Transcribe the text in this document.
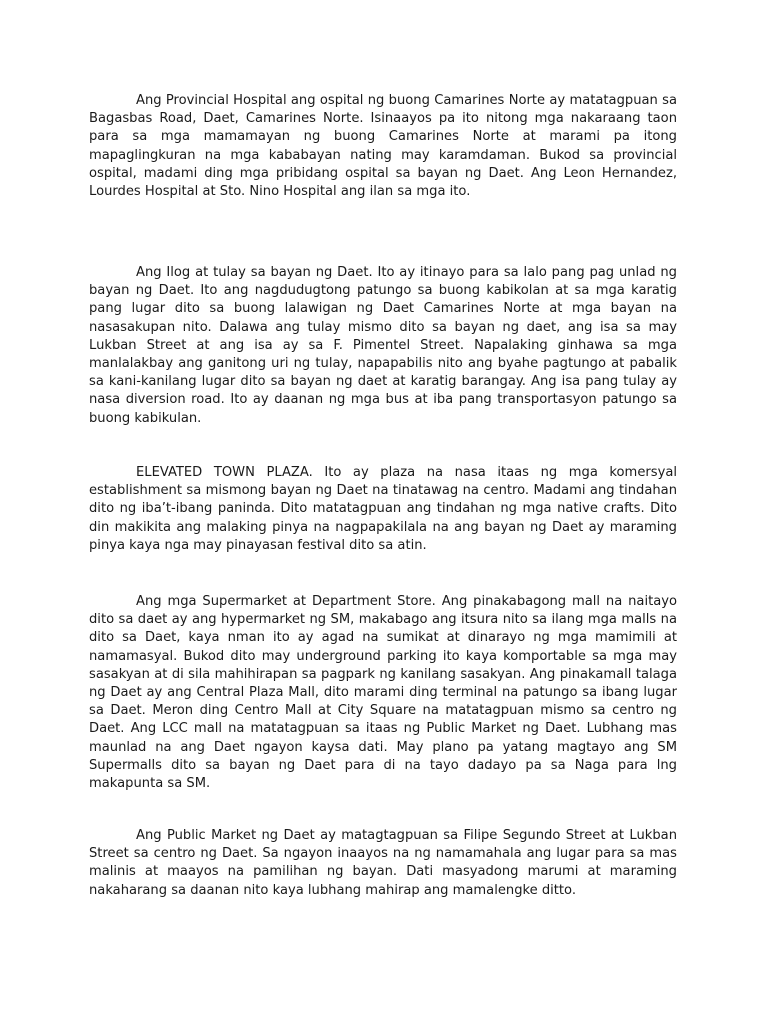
Ang Provincial Hospital ang ospital ng buong Camarines Norte ay matatagpuan sa Bagasbas Road, Daet, Camarines Norte. Isinaayos pa ito nitong mga nakaraang taon para sa mga mamamayan ng buong Camarines Norte at marami pa itong mapaglingkuran na mga kababayan nating may karamdaman. Bukod sa provincial ospital, madami ding mga pribidang ospital sa bayan ng Daet. Ang Leon Hernandez, Lourdes Hospital at Sto. Nino Hospital ang ilan sa mga ito.

Ang Ilog at tulay sa bayan ng Daet. Ito ay itinayo para sa lalo pang pag unlad ng bayan ng Daet. Ito ang nagdudugtong patungo sa buong kabikolan at sa mga karatig pang lugar dito sa buong lalawigan ng Daet Camarines Norte at mga bayan na nasasakupan nito. Dalawa ang tulay mismo dito sa bayan ng daet, ang isa sa may Lukban Street at ang isa ay sa F. Pimentel Street. Napalaking ginhawa sa mga manlalakbay ang ganitong uri ng tulay, napapabilis nito ang byahe pagtungo at pabalik sa kani-kanilang lugar dito sa bayan ng daet at karatig barangay. Ang isa pang tulay ay nasa diversion road. Ito ay daanan ng mga bus at iba pang transportasyon patungo sa buong kabikulan.

ELEVATED TOWN PLAZA. Ito ay plaza na nasa itaas ng mga komersyal establishment sa mismong bayan ng Daet na tinatawag na centro. Madami ang tindahan dito ng iba’t-ibang paninda. Dito matatagpuan ang tindahan ng mga native crafts. Dito din makikita ang malaking pinya na nagpapakilala na ang bayan ng Daet ay maraming pinya kaya nga may pinayasan festival dito sa atin.

Ang mga Supermarket at Department Store. Ang pinakabagong mall na naitayo dito sa daet ay ang hypermarket ng SM, makabago ang itsura nito sa ilang mga malls na dito sa Daet, kaya nman ito ay agad na sumikat at dinarayo ng mga mamimili at namamasyal. Bukod dito may underground parking ito kaya komportable sa mga may sasakyan at di sila mahihirapan sa pagpark ng kanilang sasakyan. Ang pinakamall talaga ng Daet ay ang Central Plaza Mall, dito marami ding terminal na patungo sa ibang lugar sa Daet. Meron ding Centro Mall at City Square na matatagpuan mismo sa centro ng Daet. Ang LCC mall na matatagpuan sa itaas ng Public Market ng Daet. Lubhang mas maunlad na ang Daet ngayon kaysa dati. May plano pa yatang magtayo ang SM Supermalls dito sa bayan ng Daet para di na tayo dadayo pa sa Naga para lng makapunta sa SM.

Ang Public Market ng Daet ay matagtagpuan sa Filipe Segundo Street at Lukban Street sa centro ng Daet. Sa ngayon inaayos na ng namamahala ang lugar para sa mas malinis at maayos na pamilihan ng bayan. Dati masyadong marumi at maraming nakaharang sa daanan nito kaya lubhang mahirap ang mamalengke ditto.
